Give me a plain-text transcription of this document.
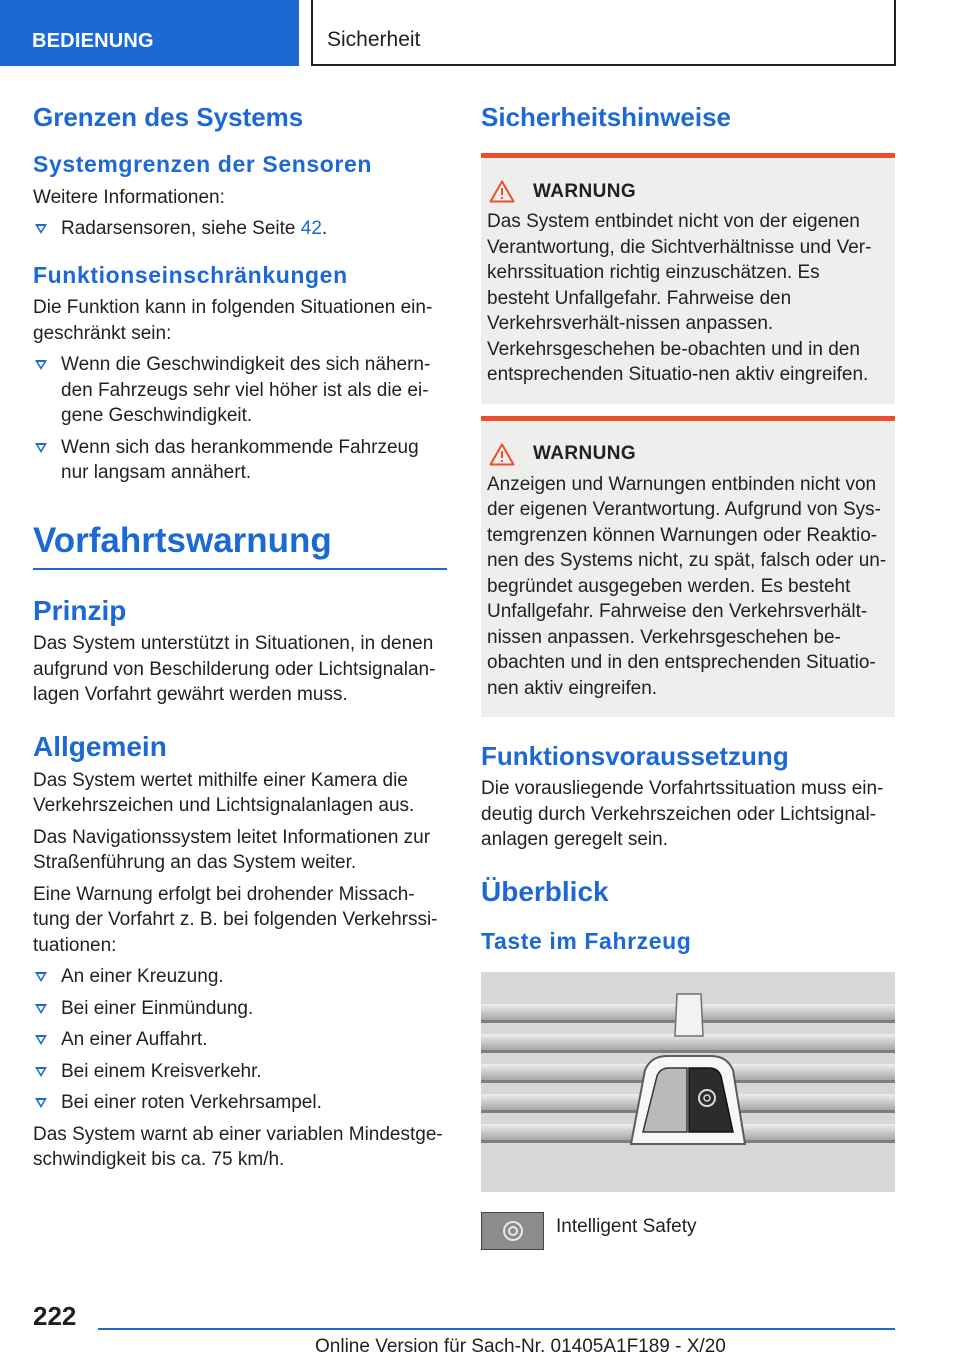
BEDIENUNG	Sicherheit
Grenzen des Systems
Systemgrenzen der Sensoren

Weitere Informationen:

Radarsensoren, siehe Seite 42.
Funktionseinschränkungen

Die Funktion kann in folgenden Situationen ein-geschränkt sein:

Wenn die Geschwindigkeit des sich nähern-den Fahrzeugs sehr viel höher ist als die ei-gene Geschwindigkeit.
Wenn sich das herankommende Fahrzeug nur langsam annähert.
Vorfahrtswarnung
Prinzip

Das System unterstützt in Situationen, in denen aufgrund von Beschilderung oder Lichtsignalan-lagen Vorfahrt gewährt werden muss.

Allgemein

Das System wertet mithilfe einer Kamera die Verkehrszeichen und Lichtsignalanlagen aus.

Das Navigationssystem leitet Informationen zur Straßenführung an das System weiter.

Eine Warnung erfolgt bei drohender Missach-tung der Vorfahrt z. B. bei folgenden Verkehrssi-tuationen:

An einer Kreuzung.
Bei einer Einmündung.
An einer Auffahrt.
Bei einem Kreisverkehr.
Bei einer roten Verkehrsampel.

Das System warnt ab einer variablen Mindestge-schwindigkeit bis ca. 75 km/h.

Sicherheitshinweise
WARNUNG

Das System entbindet nicht von der eigenen Verantwortung, die Sichtverhältnisse und Ver-kehrssituation richtig einzuschätzen. Es besteht Unfallgefahr. Fahrweise den Verkehrsverhält-nissen anpassen. Verkehrsgeschehen be-obachten und in den entsprechenden Situatio-nen aktiv eingreifen.

WARNUNG

Anzeigen und Warnungen entbinden nicht von der eigenen Verantwortung. Aufgrund von Sys-temgrenzen können Warnungen oder Reaktio-nen des Systems nicht, zu spät, falsch oder un-begründet ausgegeben werden. Es besteht Unfallgefahr. Fahrweise den Verkehrsverhält-nissen anpassen. Verkehrsgeschehen be-obachten und in den entsprechenden Situatio-nen aktiv eingreifen.

Funktionsvoraussetzung

Die vorausliegende Vorfahrtssituation muss ein-deutig durch Verkehrszeichen oder Lichtsignal-anlagen geregelt sein.

Überblick
Taste im Fahrzeug

Intelligent Safety

222
Online Version für Sach-Nr. 01405A1F189 - X/20
